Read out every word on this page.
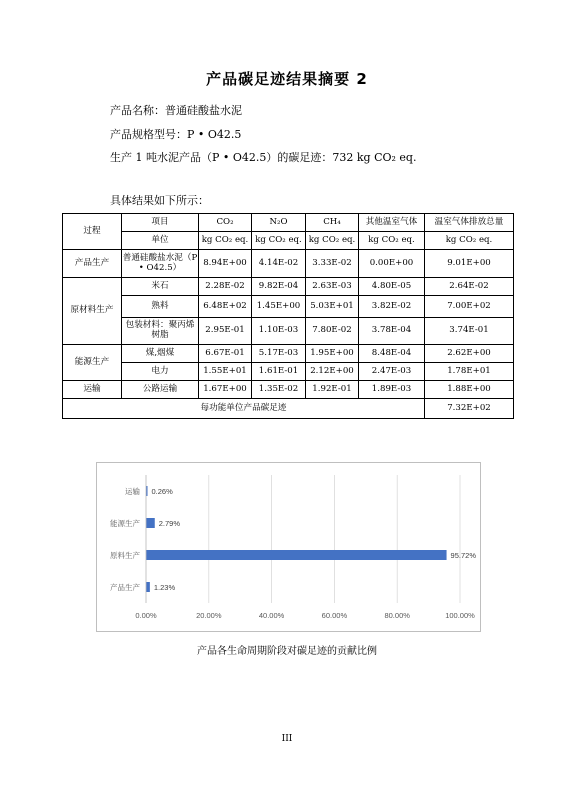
产品碳足迹结果摘要 2
产品名称：普通硅酸盐水泥
产品规格型号：P • O42.5
生产 1 吨水泥产品（P • O42.5）的碳足迹：732 kg CO₂ eq.
具体结果如下所示：
过程	项目	CO₂	N₂O	CH₄	其他温室气体	温室气体排放总量
	单位	kg CO₂ eq.	kg CO₂ eq.	kg CO₂ eq.	kg CO₂ eq.	kg CO₂ eq.
产品生产	普通硅酸盐水泥（P • O42.5）	8.94E+00	4.14E-02	3.33E-02	0.00E+00	9.01E+00
原材料生产	米石	2.28E-02	9.82E-04	2.63E-03	4.80E-05	2.64E-02
	熟料	6.48E+02	1.45E+00	5.03E+01	3.82E-02	7.00E+02
	包装材料：聚丙烯树脂	2.95E-01	1.10E-03	7.80E-02	3.78E-04	3.74E-01
能源生产	煤,烟煤	6.67E-01	5.17E-03	1.95E+00	8.48E-04	2.62E+00
	电力	1.55E+01	1.61E-01	2.12E+00	2.47E-03	1.78E+01
运输	公路运输	1.67E+00	1.35E-02	1.92E-01	1.89E-03	1.88E+00
每功能单位产品碳足迹						7.32E+02
0.00%	20.00%	40.00%	60.00%	80.00%	100.00%
产品生产 1.23%
原料生产	95.72%
能源生产	2.79%
运输 0.26%
产品各生命周期阶段对碳足迹的贡献比例
III
